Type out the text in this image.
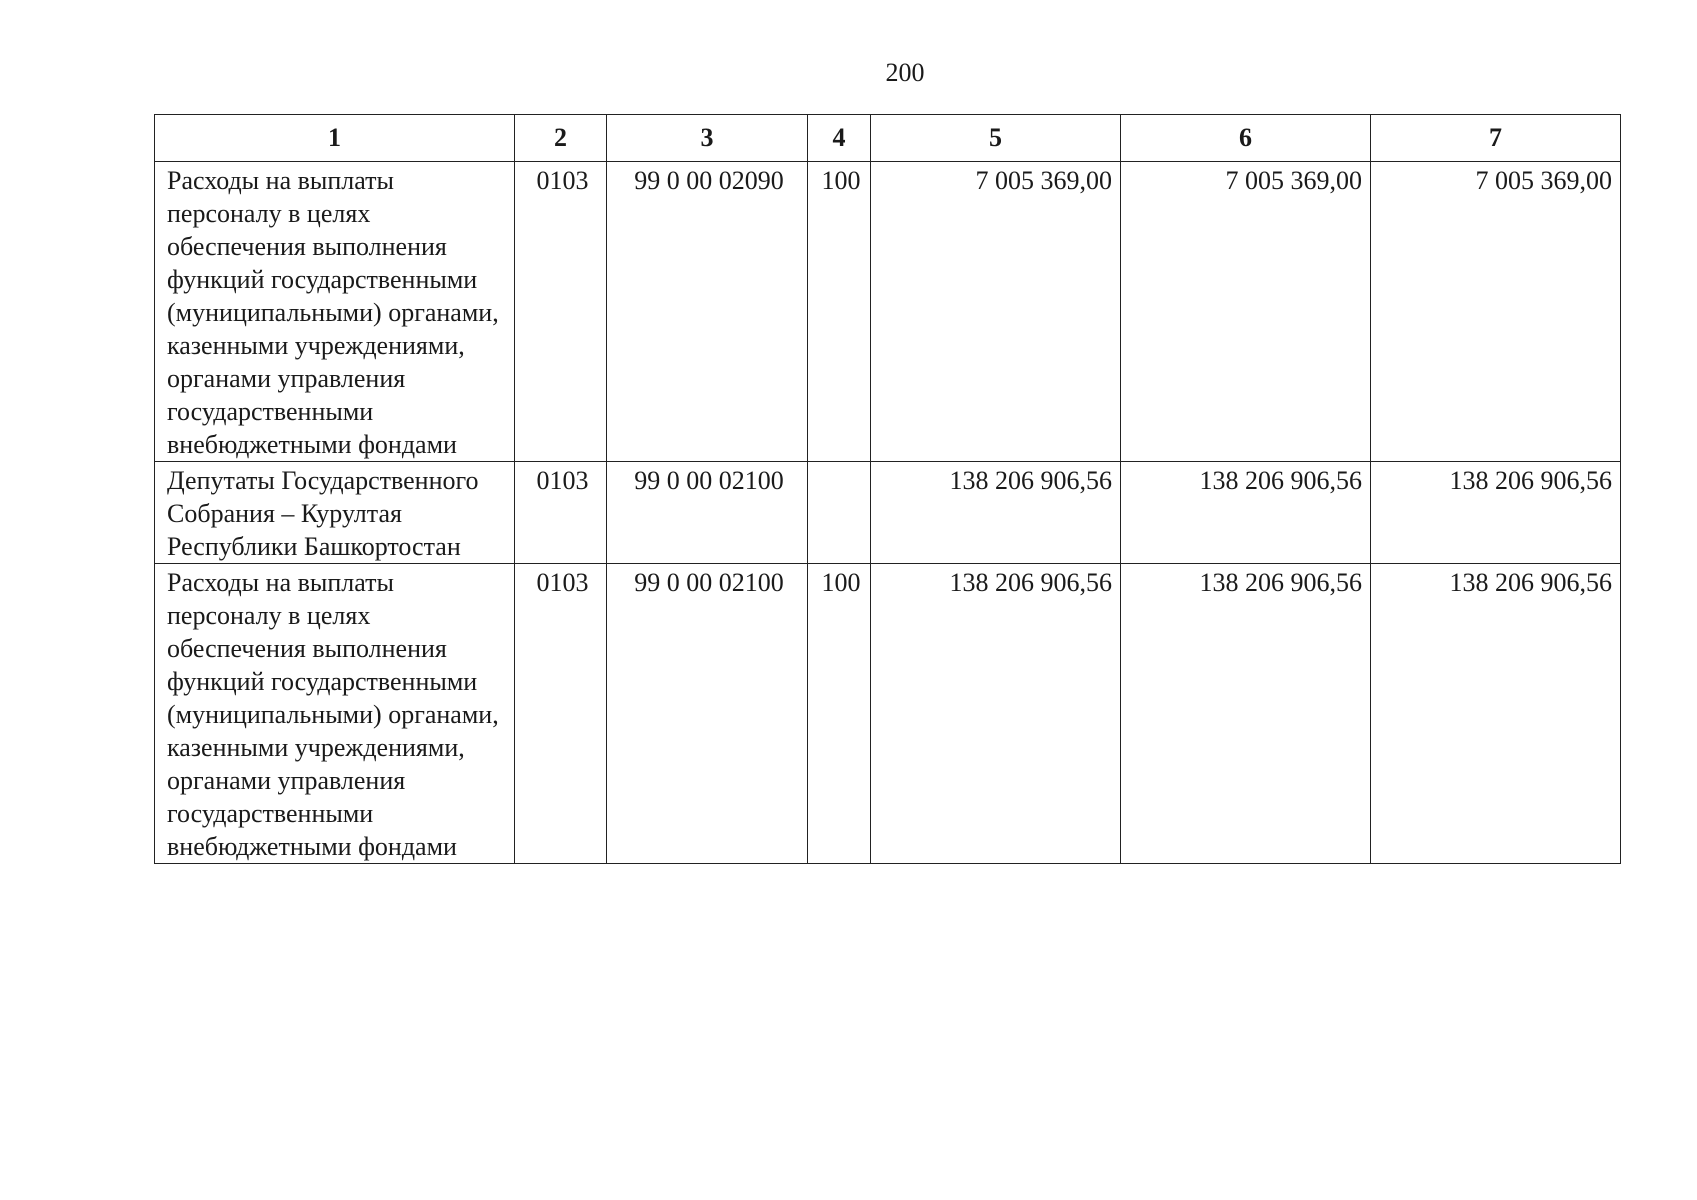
200
1	2	3	4	5	6	7
Расходы на выплаты персоналу в целях обеспечения выполнения функций государственными (муниципальными) органами, казенными учреждениями, органами управления государственными внебюджетными фондами	0103	99 0 00 02090	100	7 005 369,00	7 005 369,00	7 005 369,00
Депутаты Государственного Собрания – Курултая Республики Башкортостан	0103	99 0 00 02100		138 206 906,56	138 206 906,56	138 206 906,56
Расходы на выплаты персоналу в целях обеспечения выполнения функций государственными (муниципальными) органами, казенными учреждениями, органами управления государственными внебюджетными фондами	0103	99 0 00 02100	100	138 206 906,56	138 206 906,56	138 206 906,56
